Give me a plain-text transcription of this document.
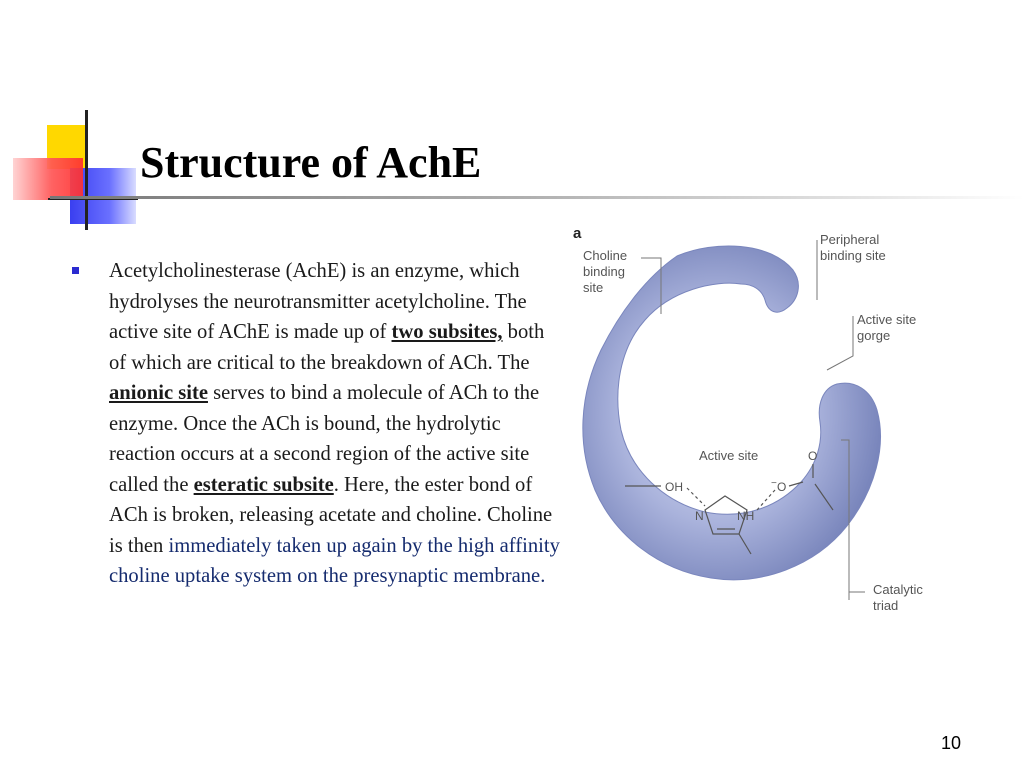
Structure of AchE
Acetylcholinesterase (AchE) is an enzyme, which hydrolyses the neurotransmitter acetylcholine. The active site of AChE is made up of two subsites, both of which are critical to the breakdown of ACh. The anionic site serves to bind a molecule of ACh to the enzyme. Once the ACh is bound, the hydrolytic reaction occurs at a second region of the active site called the esteratic subsite. Here, the ester bond of ACh is broken, releasing acetate and choline. Choline is then immediately taken up again by the high affinity choline uptake system on the presynaptic membrane.
a
Choline
binding
site
Peripheral
binding site
Active site
gorge
Active site
Catalytic
triad
OH
N	NH
O
O
−
10
